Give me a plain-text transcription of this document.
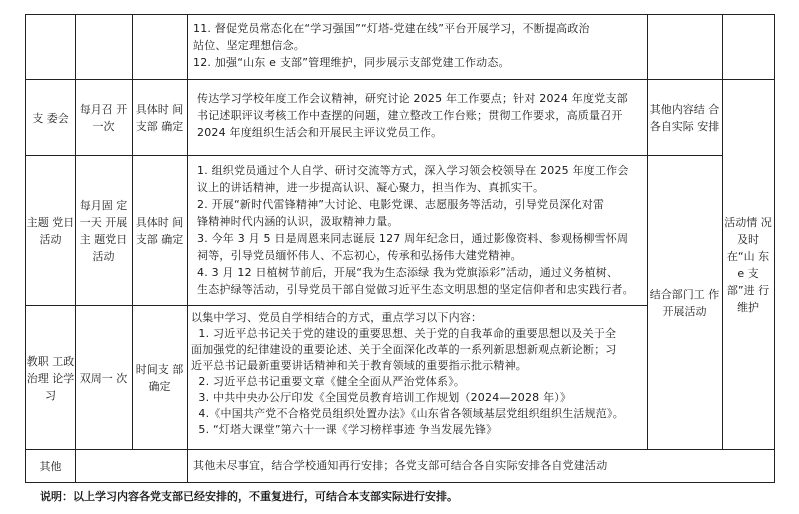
11. 督促党员常态化在“学习强国”“灯塔-党建在线”平台开展学习，不断提高政治
站位、坚定理想信念。
12. 加强“山东 e 支部”管理维护，同步展示支部党建工作动态。
支 委会
每月召 开一次
具体时 间支部 确定
传达学习学校年度工作会议精神，研究讨论 2025 年工作要点；针对 2024 年度党支部
书记述职评议考核工作中查摆的问题，建立整改工作台账；贯彻工作要求，高质量召开
2024 年度组织生活会和开展民主评议党员工作。
其他内容结 合各自实际 安排
主题 党日 活动
每月固 定一天 开展主 题党日 活动
具体时 间支部 确定
1. 组织党员通过个人自学、研讨交流等方式，深入学习领会校领导在 2025 年度工作会
议上的讲话精神，进一步提高认识、凝心聚力，担当作为、真抓实干。
2. 开展“新时代雷锋精神”大讨论、电影党课、志愿服务等活动，引导党员深化对雷
锋精神时代内涵的认识，汲取精神力量。
3. 今年 3 月 5 日是周恩来同志诞辰 127 周年纪念日，通过影像资料、参观杨柳雪怀周
祠等，引导党员缅怀伟人、不忘初心，传承和弘扬伟大建党精神。
4. 3 月 12 日植树节前后，开展“我为生态添绿 我为党旗添彩”活动，通过义务植树、
生态护绿等活动，引导党员干部自觉做习近平生态文明思想的坚定信仰者和忠实践行者。
教职 工政 治理 论学 习
双周一 次
时间支 部确定
以集中学习、党员自学相结合的方式，重点学习以下内容：
1. 习近平总书记关于党的建设的重要思想、关于党的自我革命的重要思想以及关于全
面加强党的纪律建设的重要论述、关于全面深化改革的一系列新思想新观点新论断；习
近平总书记最新重要讲话精神和关于教育领域的重要指示批示精神。
2. 习近平总书记重要文章《健全全面从严治党体系》。
3. 中共中央办公厅印发《全国党员教育培训工作规划（2024—2028 年）》
4.《中国共产党不合格党员组织处置办法》《山东省各领域基层党组织组织生活规范》。
5. “灯塔大课堂”第六十一课《学习榜样事迹 争当发展先锋》
结合部门工 作开展活动
活动情 况及时 在“山 东 e 支 部”进 行维护
其他	其他未尽事宜，结合学校通知再行安排；各党支部可结合各自实际安排各自党建活动
说明：以上学习内容各党支部已经安排的，不重复进行，可结合本支部实际进行安排。
